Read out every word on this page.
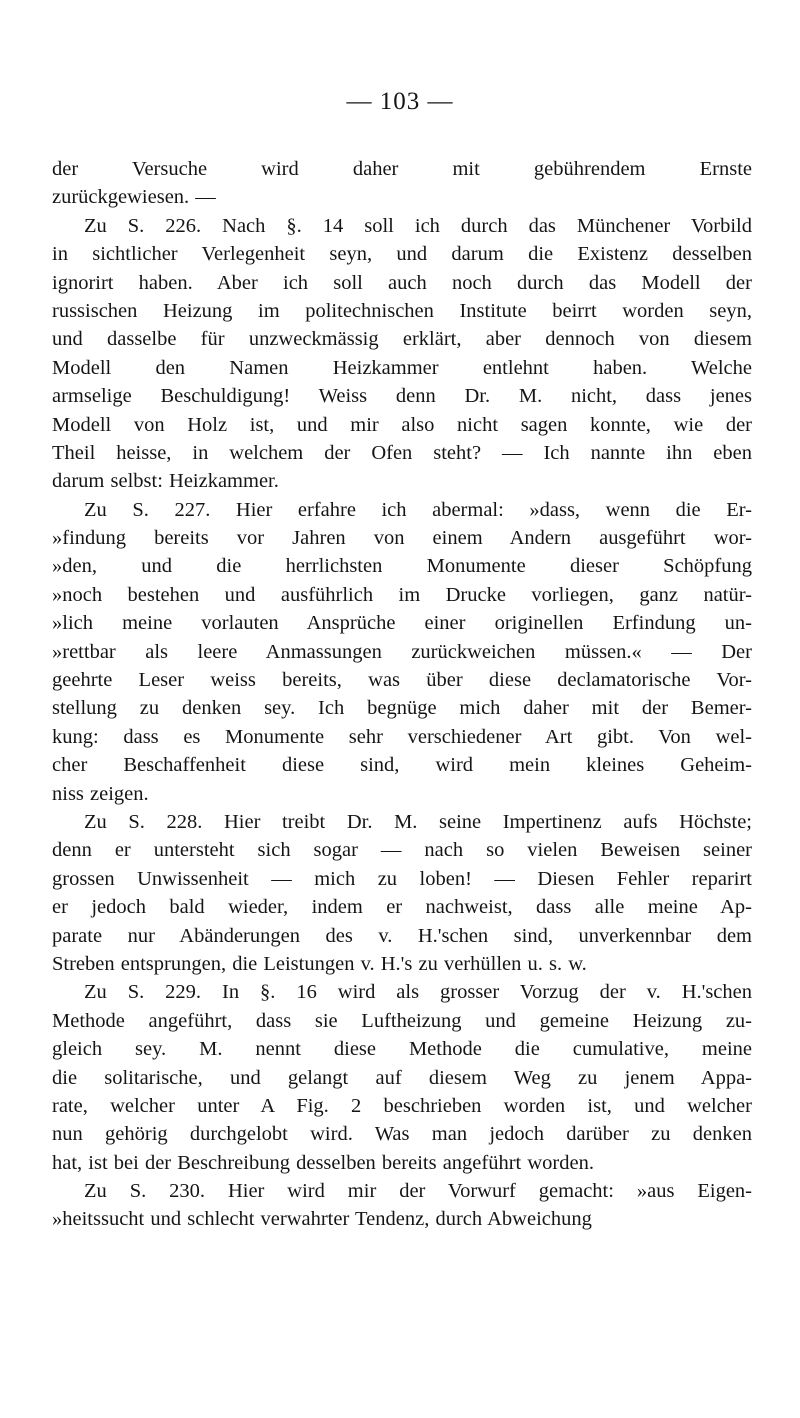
— 103 —
der Versuche wird daher mit gebührendem Ernste
zurückgewiesen. —
Zu S. 226. Nach §. 14 soll ich durch das Münchener Vorbild
in sichtlicher Verlegenheit seyn, und darum die Existenz desselben
ignorirt haben. Aber ich soll auch noch durch das Modell der
russischen Heizung im politechnischen Institute beirrt worden seyn,
und dasselbe für unzweckmässig erklärt, aber dennoch von diesem
Modell den Namen Heizkammer entlehnt haben. Welche
armselige Beschuldigung! Weiss denn Dr. M. nicht, dass jenes
Modell von Holz ist, und mir also nicht sagen konnte, wie der
Theil heisse, in welchem der Ofen steht? — Ich nannte ihn eben
darum selbst: Heizkammer.
Zu S. 227. Hier erfahre ich abermal: »dass, wenn die Er-
»findung bereits vor Jahren von einem Andern ausgeführt wor-
»den, und die herrlichsten Monumente dieser Schöpfung
»noch bestehen und ausführlich im Drucke vorliegen, ganz natür-
»lich meine vorlauten Ansprüche einer originellen Erfindung un-
»rettbar als leere Anmassungen zurückweichen müssen.« — Der
geehrte Leser weiss bereits, was über diese declamatorische Vor-
stellung zu denken sey. Ich begnüge mich daher mit der Bemer-
kung: dass es Monumente sehr verschiedener Art gibt. Von wel-
cher Beschaffenheit diese sind, wird mein kleines Geheim-
niss zeigen.
Zu S. 228. Hier treibt Dr. M. seine Impertinenz aufs Höchste;
denn er untersteht sich sogar — nach so vielen Beweisen seiner
grossen Unwissenheit — mich zu loben! — Diesen Fehler reparirt
er jedoch bald wieder, indem er nachweist, dass alle meine Ap-
parate nur Abänderungen des v. H.'schen sind, unverkennbar dem
Streben entsprungen, die Leistungen v. H.'s zu verhüllen u. s. w.
Zu S. 229. In §. 16 wird als grosser Vorzug der v. H.'schen
Methode angeführt, dass sie Luftheizung und gemeine Heizung zu-
gleich sey. M. nennt diese Methode die cumulative, meine
die solitarische, und gelangt auf diesem Weg zu jenem Appa-
rate, welcher unter A Fig. 2 beschrieben worden ist, und welcher
nun gehörig durchgelobt wird. Was man jedoch darüber zu denken
hat, ist bei der Beschreibung desselben bereits angeführt worden.
Zu S. 230. Hier wird mir der Vorwurf gemacht: »aus Eigen-
»heitssucht und schlecht verwahrter Tendenz, durch Abweichung
